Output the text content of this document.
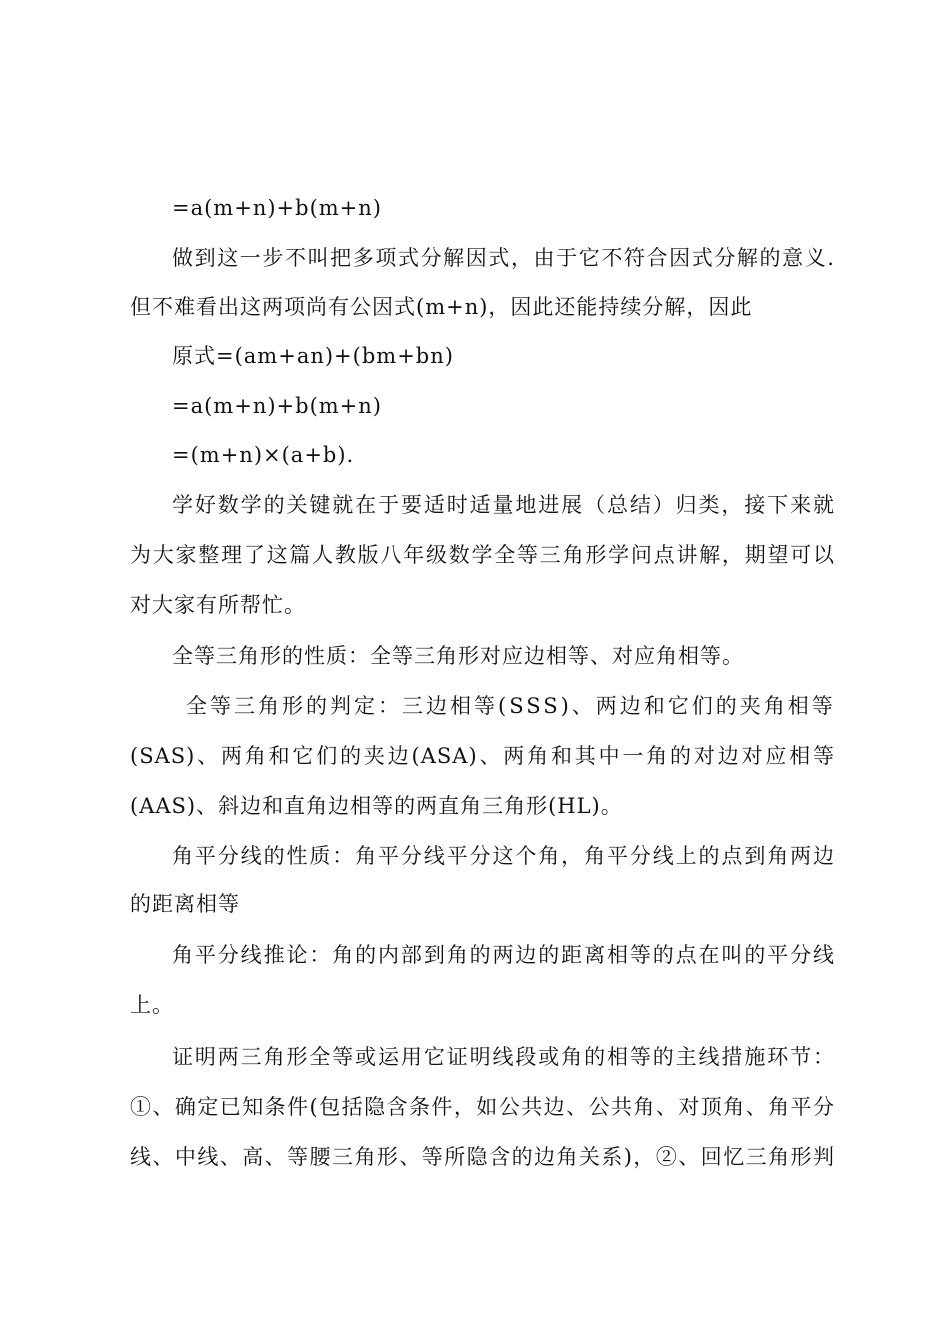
=a(m+n)+b(m+n)
做到这一步不叫把多项式分解因式，由于它不符合因式分解的意义.
但不难看出这两项尚有公因式(m+n)，因此还能持续分解，因此
原式=(am+an)+(bm+bn)
=a(m+n)+b(m+n)
=(m+n)×(a+b).
学好数学的关键就在于要适时适量地进展（总结）归类，接下来就
为大家整理了这篇人教版八年级数学全等三角形学问点讲解，期望可以
对大家有所帮忙。
全等三角形的性质：全等三角形对应边相等、对应角相等。
全等三角形的判定：三边相等(SSS)、两边和它们的夹角相等
(SAS)、两角和它们的夹边(ASA)、两角和其中一角的对边对应相等
(AAS)、斜边和直角边相等的两直角三角形(HL)。
角平分线的性质：角平分线平分这个角，角平分线上的点到角两边
的距离相等
角平分线推论：角的内部到角的两边的距离相等的点在叫的平分线
上。
证明两三角形全等或运用它证明线段或角的相等的主线措施环节：
①、确定已知条件(包括隐含条件，如公共边、公共角、对顶角、角平分
线、中线、高、等腰三角形、等所隐含的边角关系)，②、回忆三角形判
